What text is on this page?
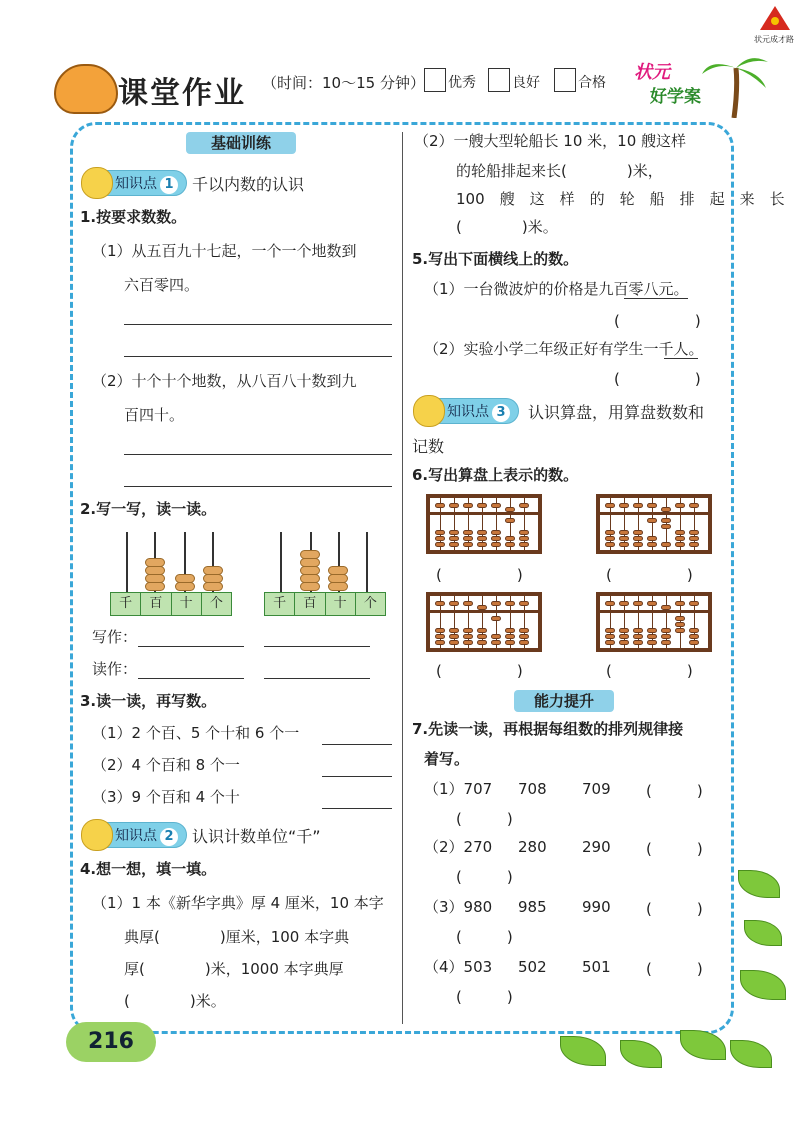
课堂作业 （时间：10～15 分钟） 优秀	良好	合格 状元
好学案
状元成才路
基础训练
知识点 1	千以内数的认识
1.按要求数数。
（1）从五百九十七起，一个一个地数到
六百零四。
（2）十个十个地数，从八百八十数到九
百四十。
2.写一写，读一读。
千	百	十	个	千	百	十	个
写作：
读作：
3.读一读，再写数。
（1）2 个百、5 个十和 6 个一
（2）4 个百和 8 个一
（3）9 个百和 4 个十
知识点 2	认识计数单位“千”
4.想一想，填一填。
（1）1 本《新华字典》厚 4 厘米，10 本字
典厚(　　　　)厘米，100 本字典
厚(　　　　)米，1000 本字典厚
(　　　　)米。
（2）一艘大型轮船长 10 米，10 艘这样
的轮船排起来长(　　　　)米，
100　艘　这　样　的　轮　船　排　起　来　长
(　　　　)米。
5.写出下面横线上的数。
（1）一台微波炉的价格是九百零八元。
(　　　　　)
（2）实验小学二年级正好有学生一千人。
(　　　　　)
知识点 3	认识算盘，用算盘数数和
记数
6.写出算盘上表示的数。
(　　　　　)	(　　　　　)
(　　　　　)	(　　　　　)
能力提升
7.先读一读，再根据每组数的排列规律接
着写。
（1）707 708 709 (　　　)
(　　　)
（2）270 280 290 (　　　)
(　　　)
（3）980 985 990 (　　　)
(　　　)
（4）503 502 501 (　　　)
(　　　)
216
